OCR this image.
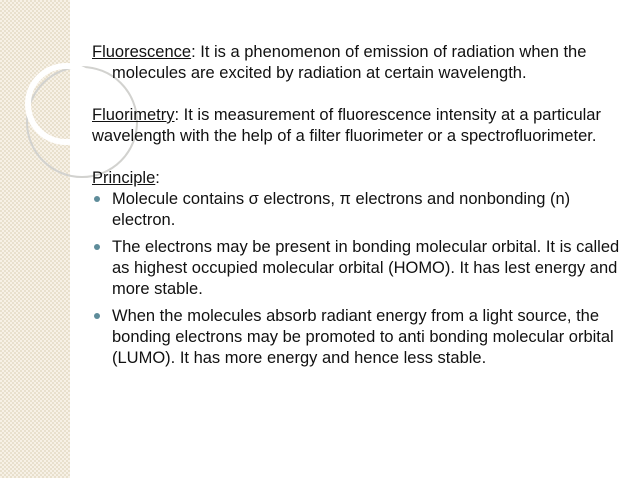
Fluorescence: It is a phenomenon of emission of radiation when the molecules are excited by radiation at certain wavelength.

Fluorimetry: It is measurement of fluorescence intensity at a particular

wavelength with the help of a filter fluorimeter or a spectrofluorimeter.

Principle:

Molecule contains σ electrons, π electrons and nonbonding (n) electron.
The electrons may be present in bonding molecular orbital. It is called as highest occupied molecular orbital (HOMO). It has lest energy and more stable.
When the molecules absorb radiant energy from a light source, the bonding electrons may be promoted to anti bonding molecular orbital (LUMO). It has more energy and hence less stable.
